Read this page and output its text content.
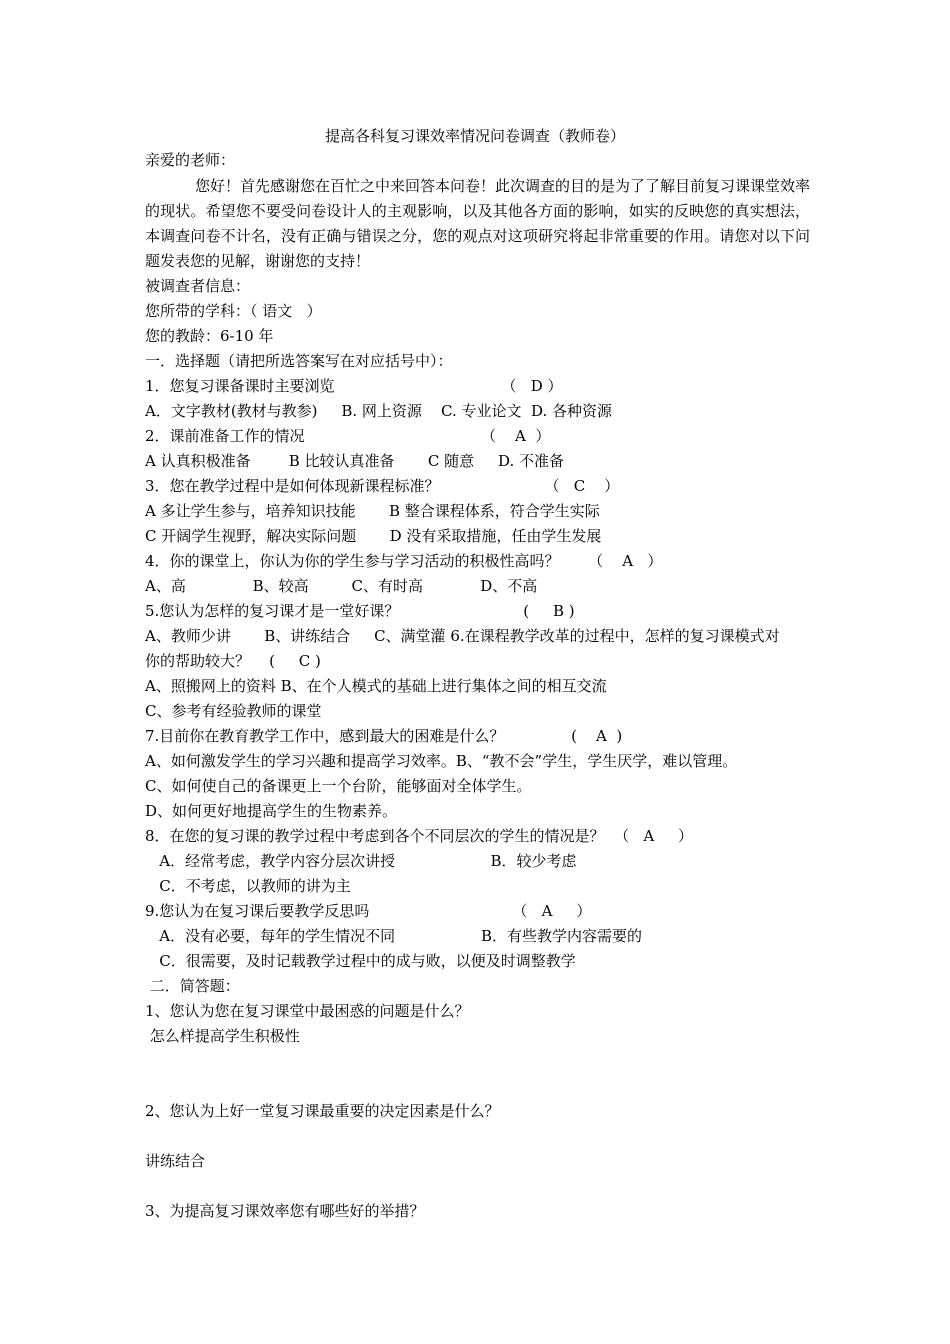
提高各科复习课效率情况问卷调查（教师卷）
亲爱的老师：
您好！首先感谢您在百忙之中来回答本问卷！此次调查的目的是为了了解目前复习课课堂效率的现状。希望您不要受问卷设计人的主观影响，以及其他各方面的影响，如实的反映您的真实想法，本调查问卷不计名，没有正确与错误之分，您的观点对这项研究将起非常重要的作用。请您对以下问题发表您的见解，谢谢您的支持！
被调查者信息：
您所带的学科：（ 语文   ）
您的教龄：6-10 年
一．选择题（请把所选答案写在对应括号中）：
1．您复习课备课时主要浏览                                   （   D ）
A．文字教材(教材与教参)     B. 网上资源    C. 专业论文  D. 各种资源
2．课前准备工作的情况                                     （    A  ）
A 认真积极准备        B 比较认真准备       C 随意     D. 不准备
3．您在教学过程中是如何体现新课程标准？                      （   C    ）
A 多让学生参与，培养知识技能       B 整合课程体系，符合学生实际
C 开阔学生视野，解决实际问题       D 没有采取措施，任由学生发展
4．你的课堂上，你认为你的学生参与学习活动的积极性高吗？      （    A   ）
A、高              B、较高         C、有时高            D、不高
5.您认为怎样的复习课才是一堂好课？                          (     B )
A、教师少讲       B、讲练结合     C、满堂灌 6.在课程教学改革的过程中，怎样的复习课模式对
你的帮助较大？    (     C )
A、照搬网上的资料 B、在个人模式的基础上进行集体之间的相互交流
C、参考有经验教师的课堂
7.目前你在教育教学工作中，感到最大的困难是什么？              (    A  )
A、如何激发学生的学习兴趣和提高学习效率。B、“教不会”学生，学生厌学，难以管理。
C、如何使自己的备课更上一个台阶，能够面对全体学生。
D、如何更好地提高学生的生物素养。
8．在您的复习课的教学过程中考虑到各个不同层次的学生的情况是？  （   A     ）
A．经常考虑，教学内容分层次讲授                    B．较少考虑
C．不考虑，以教师的讲为主
9.您认为在复习课后要教学反思吗                              （   A     ）
A．没有必要，每年的学生情况不同                  B．有些教学内容需要的
C．很需要，及时记载教学过程中的成与败，以便及时调整教学
二．简答题：
1、您认为您在复习课堂中最困惑的问题是什么？
怎么样提高学生积极性
2、您认为上好一堂复习课最重要的决定因素是什么？
讲练结合
3、为提高复习课效率您有哪些好的举措？
